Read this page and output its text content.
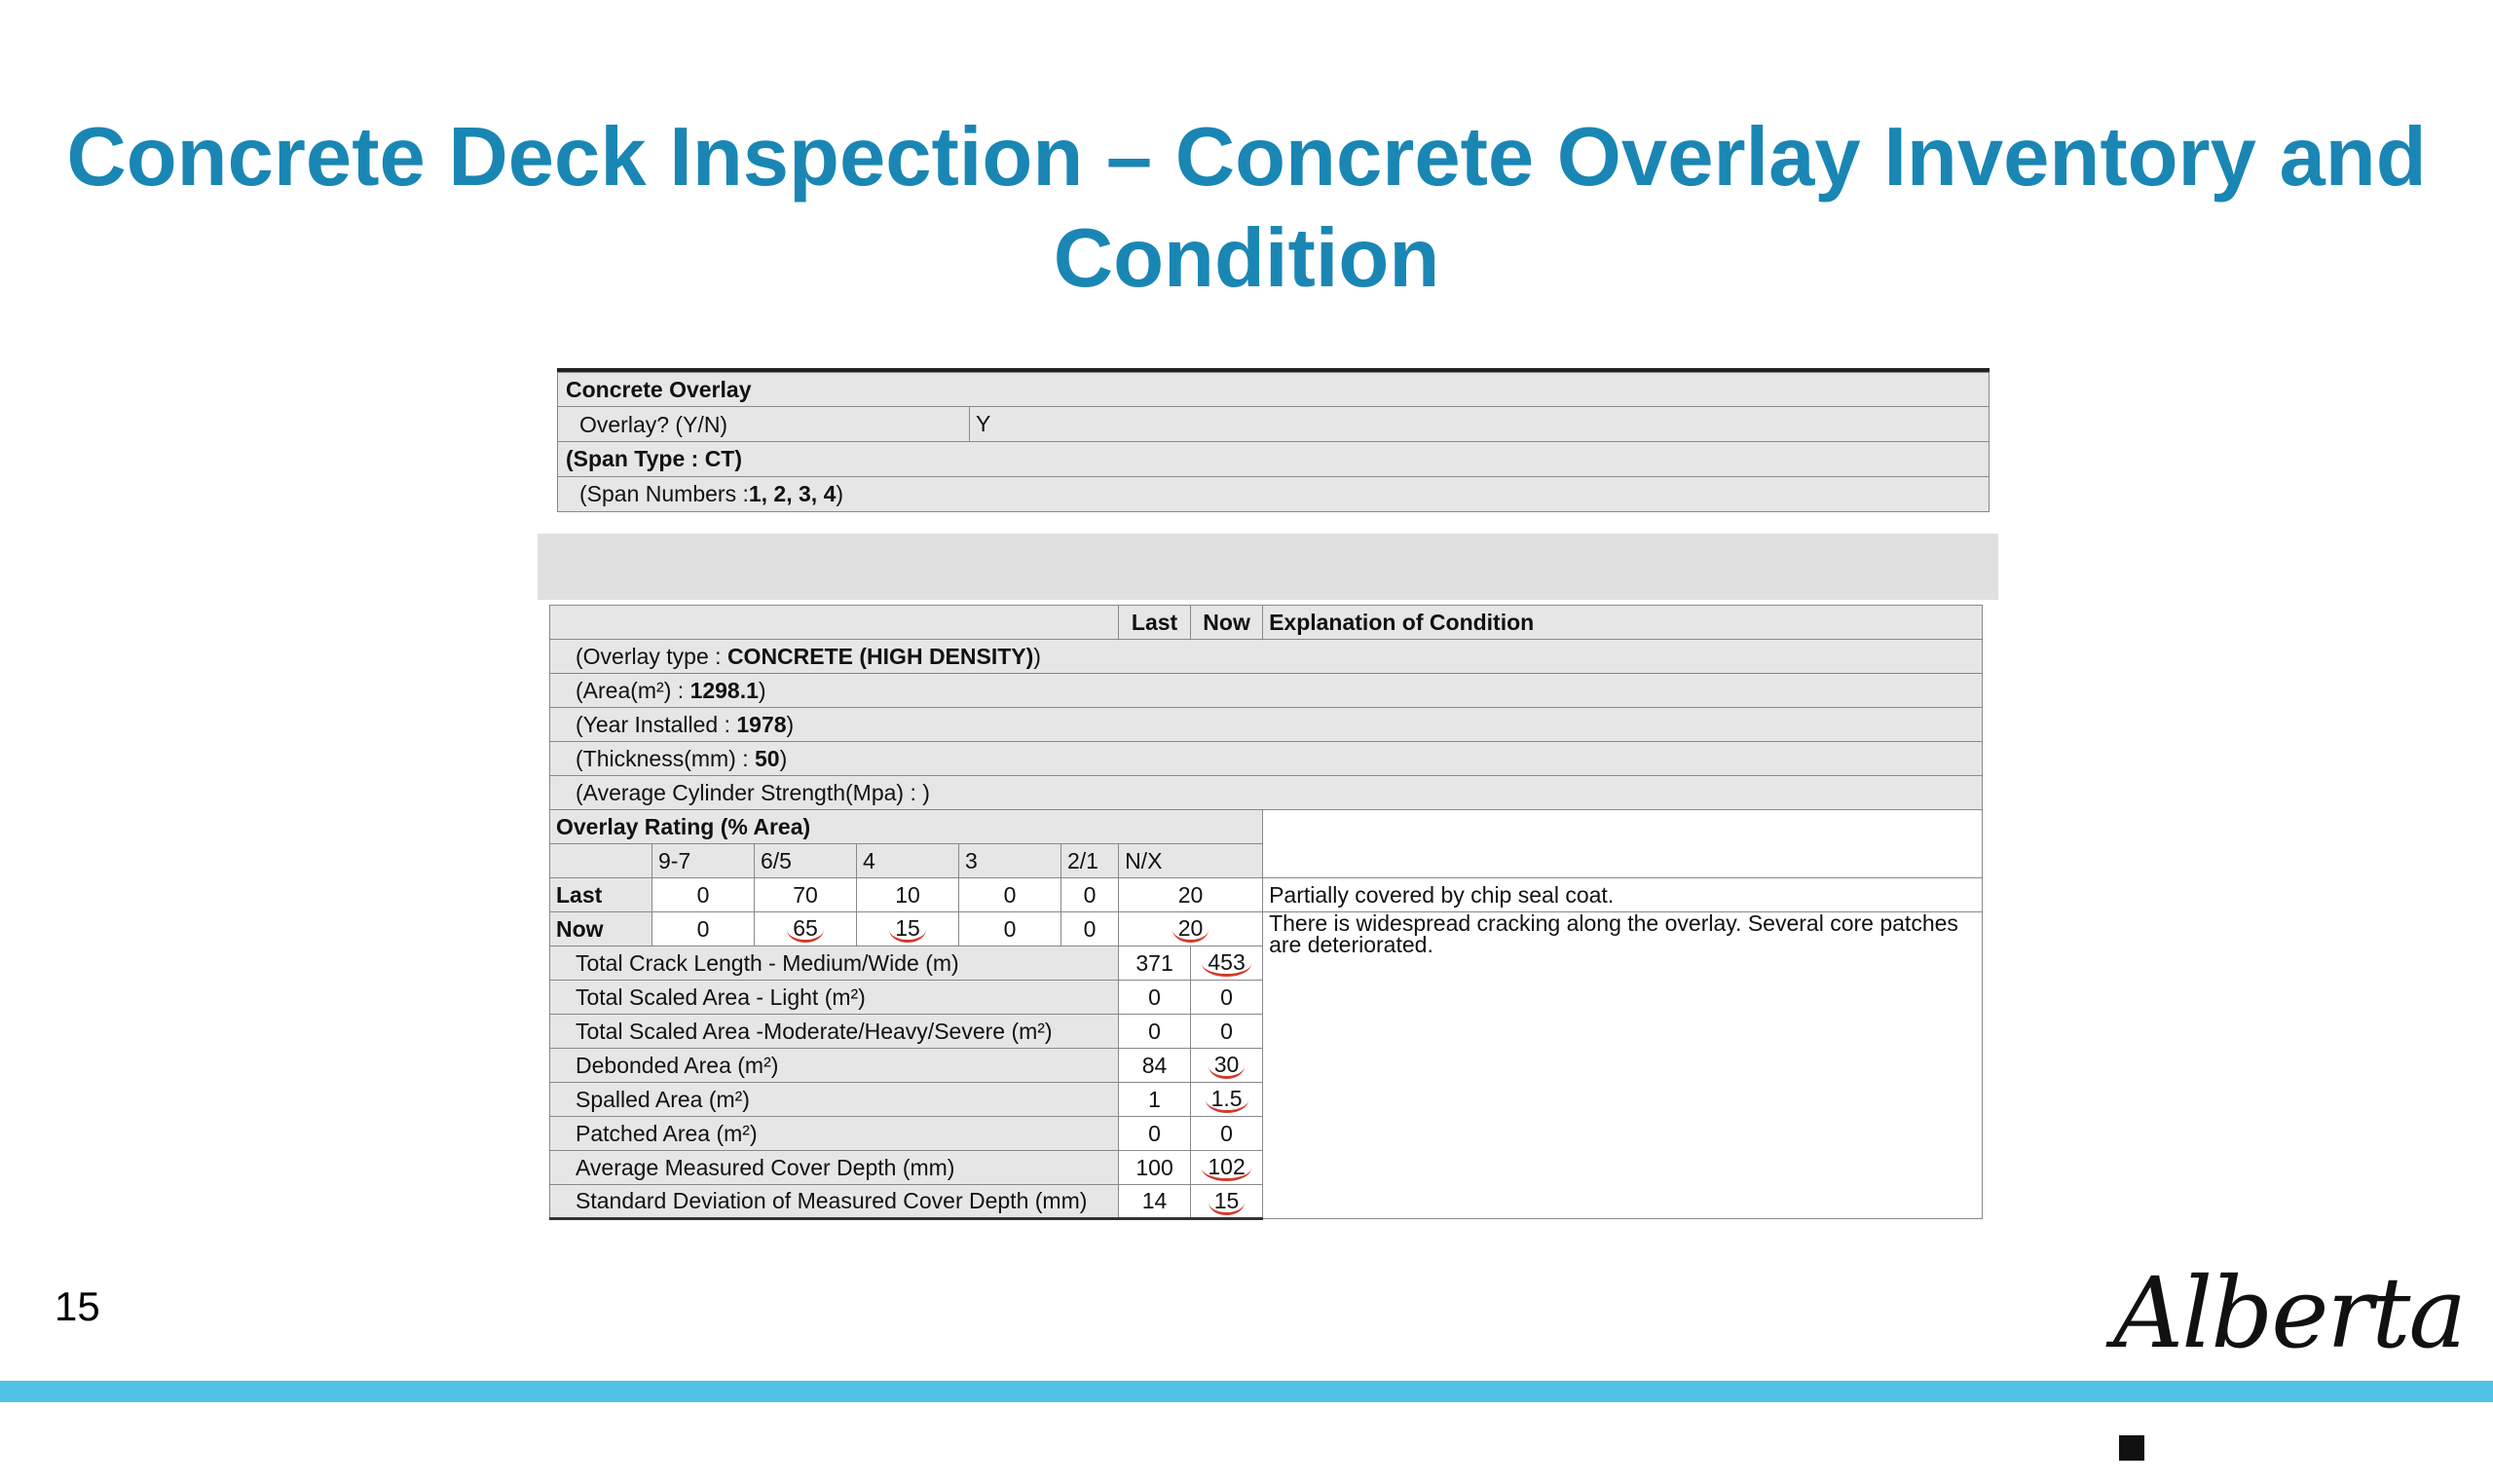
Concrete Deck Inspection – Concrete Overlay Inventory and Condition
Concrete Overlay
Overlay? (Y/N)	Y
(Span Type : CT)
(Span Numbers : 1, 2, 3, 4 )
						Last	Now	Explanation of Condition
(Overlay type : CONCRETE (HIGH DENSITY))								
(Area(m²) : 1298.1)								
(Year Installed : 1978)								
(Thickness(mm) : 50)								
(Average Cylinder Strength(Mpa) : )								
Overlay Rating (% Area)								
	9-7	6/5	4	3	2/1	N/X		
Last	0	70	10	0	0	20		Partially covered by chip seal coat.
Now	0	65	15	0	0	20		There is widespread cracking along the overlay. Several core patches are deteriorated.

Total Crack Length - Medium/Wide (m)						371	453	
Total Scaled Area - Light (m²)						0	0	
Total Scaled Area -Moderate/Heavy/Severe (m²)						0	0	
Debonded Area (m²)						84	30	
Spalled Area (m²)						1	1.5	
Patched Area (m²)						0	0	
Average Measured Cover Depth (mm)						100	102	
Standard Deviation of Measured Cover Depth (mm)						14	15	
15	Alberta
